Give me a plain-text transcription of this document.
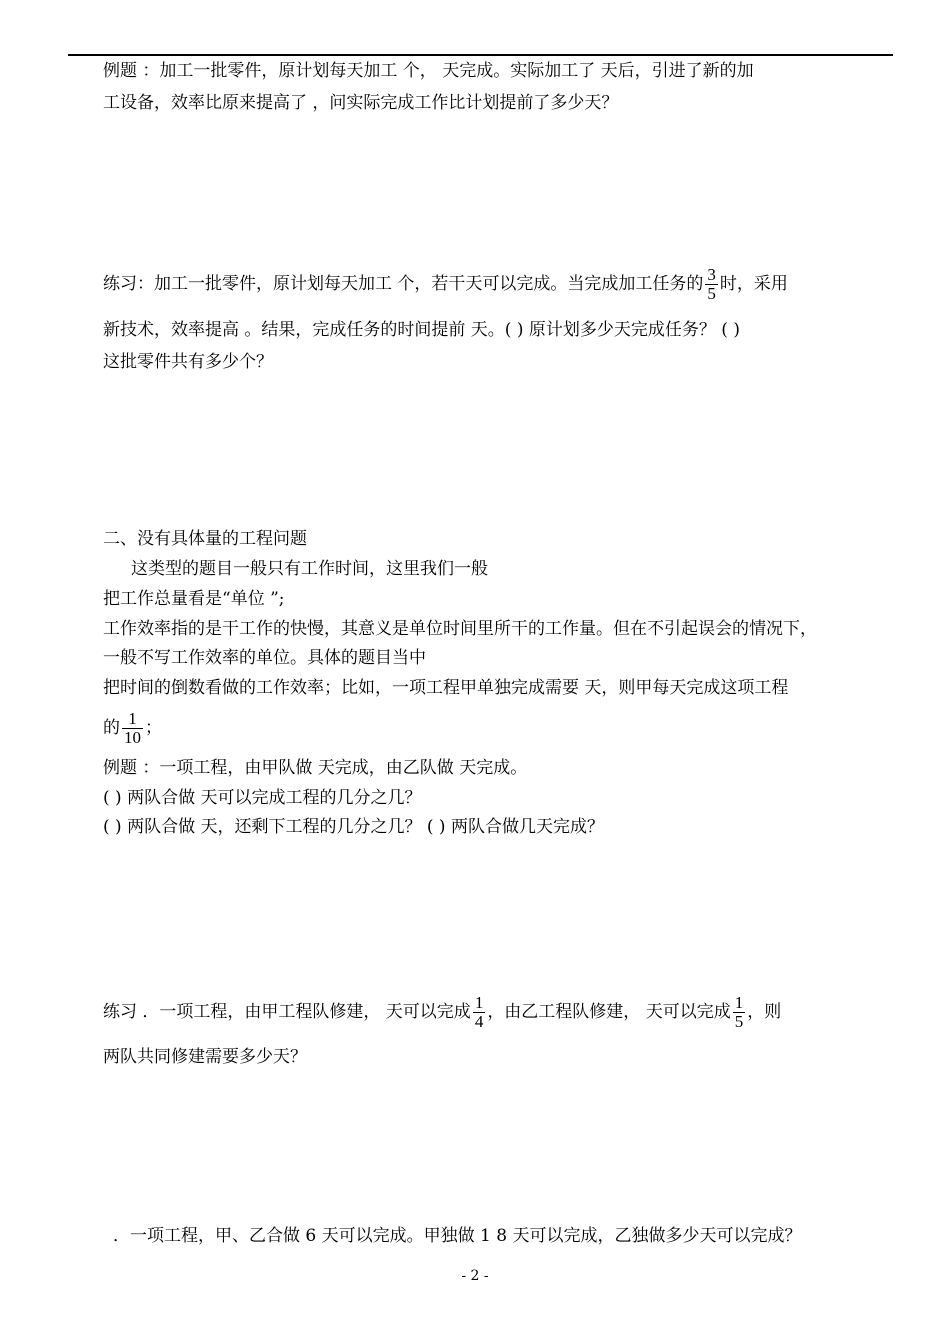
例题 ：加工一批零件，原计划每天加工 个， 天完成。实际加工了 天后，引进了新的加
工设备，效率比原来提高了 ，问实际完成工作比计划提前了多少天？
练习：加工一批零件，原计划每天加工 个，若干天可以完成。当完成加工任务的 $\frac{3}{5}$ 时，采用
新技术，效率提高 。结果，完成任务的时间提前 天。( ) 原计划多少天完成任务？ ( )
这批零件共有多少个？
二、没有具体量的工程问题
这类型的题目一般只有工作时间，这里我们一般
把工作总量看是“单位 ”;
工作效率指的是干工作的快慢，其意义是单位时间里所干的工作量。但在不引起误会的情况下，
一般不写工作效率的单位。具体的题目当中
把时间的倒数看做的工作效率；比如，一项工程甲单独完成需要 天，则甲每天完成这项工程
的 $\frac{1}{10}$ ；
例题 ：一项工程，由甲队做 天完成，由乙队做 天完成。
( ) 两队合做 天可以完成工程的几分之几？
( ) 两队合做 天，还剩下工程的几分之几？ ( ) 两队合做几天完成？
练习 ．一项工程，由甲工程队修建， 天可以完成 $\frac{1}{4}$ ，由乙工程队修建， 天可以完成 $\frac{1}{5}$ ，则
两队共同修建需要多少天？
．一项工程，甲、乙合做 6 天可以完成。甲独做 1 8 天可以完成，乙独做多少天可以完成？
- 2 -
